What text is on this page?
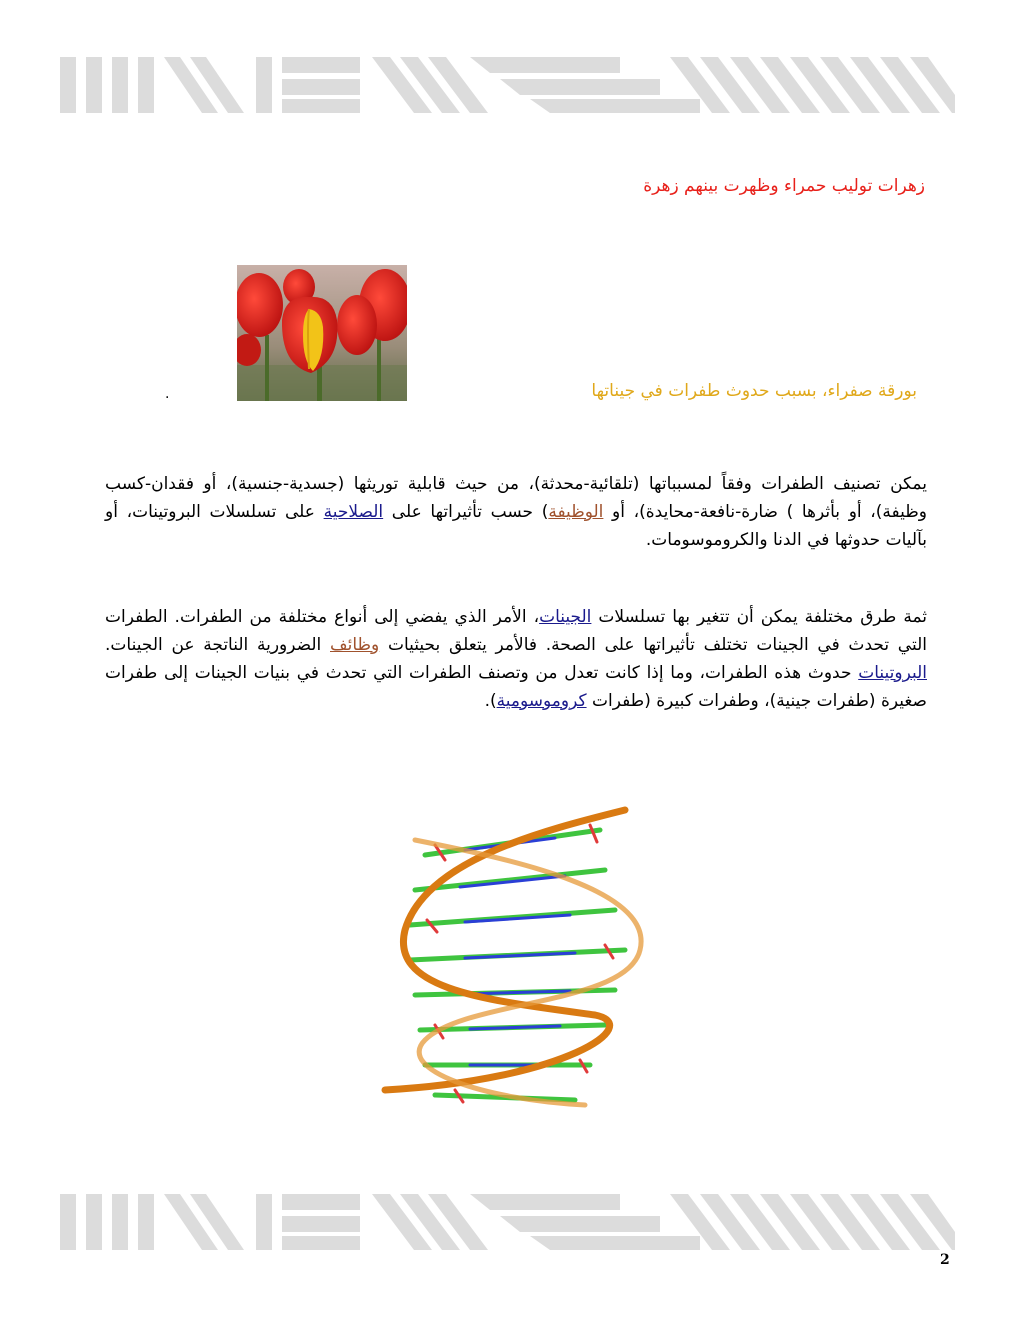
زهرات توليب حمراء وظهرت بينهم زهرة
بورقة صفراء، بسبب حدوث طفرات في جيناتها
.
يمكن تصنيف الطفرات وفقاً لمسبباتها (تلقائية-محدثة)، من حيث قابلية توريثها (جسدية-جنسية)، أو فقدان-كسب وظيفة)، أو بأثرها ) ضارة-نافعة-محايدة)، أو الوظيفة) حسب تأثيراتها على الصلاحية على تسلسلات البروتينات، أو بآليات حدوثها في الدنا والكروموسومات.
ثمة طرق مختلفة يمكن أن تتغير بها تسلسلات الجينات، الأمر الذي يفضي إلى أنواع مختلفة من الطفرات. الطفرات التي تحدث في الجينات تختلف تأثيراتها على الصحة. فالأمر يتعلق بحيثيات وظائف الضرورية الناتجة عن الجينات. البروتينات حدوث هذه الطفرات، وما إذا كانت تعدل من وتصنف الطفرات التي تحدث في بنيات الجينات إلى طفرات صغيرة (طفرات جينية)، وطفرات كبيرة (طفرات كروموسومية).
2
